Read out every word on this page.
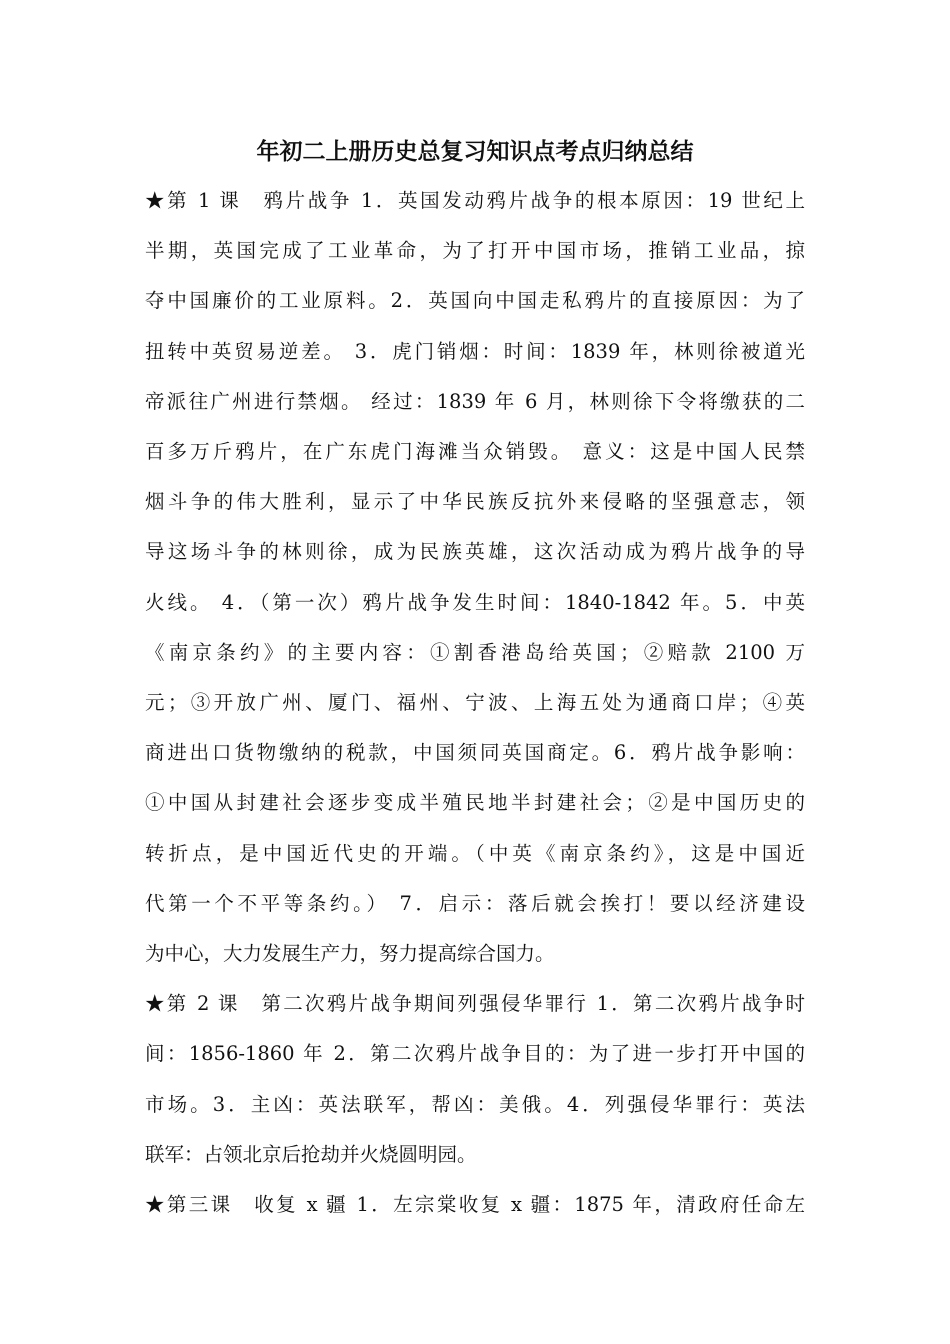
年初二上册历史总复习知识点考点归纳总结
★第 1 课　鸦片战争 1．英国发动鸦片战争的根本原因：19 世纪上
半期，英国完成了工业革命，为了打开中国市场，推销工业品，掠
夺中国廉价的工业原料。2．英国向中国走私鸦片的直接原因：为了
扭转中英贸易逆差。 3．虎门销烟：时间：1839 年，林则徐被道光
帝派往广州进行禁烟。 经过：1839 年 6 月，林则徐下令将缴获的二
百多万斤鸦片，在广东虎门海滩当众销毁。 意义：这是中国人民禁
烟斗争的伟大胜利，显示了中华民族反抗外来侵略的坚强意志，领
导这场斗争的林则徐，成为民族英雄，这次活动成为鸦片战争的导
火线。 4．（第一次）鸦片战争发生时间：1840-1842 年。5．中英
《南京条约》的主要内容：①割香港岛给英国；②赔款 2100 万
元；③开放广州、厦门、福州、宁波、上海五处为通商口岸；④英
商进出口货物缴纳的税款，中国须同英国商定。6．鸦片战争影响：
①中国从封建社会逐步变成半殖民地半封建社会；②是中国历史的
转折点，是中国近代史的开端。（中英《南京条约》，这是中国近
代第一个不平等条约。） 7．启示：落后就会挨打！要以经济建设
为中心，大力发展生产力，努力提高综合国力。
★第 2 课　第二次鸦片战争期间列强侵华罪行 1．第二次鸦片战争时
间：1856-1860 年 2．第二次鸦片战争目的：为了进一步打开中国的
市场。3．主凶：英法联军，帮凶：美俄。4．列强侵华罪行：英法
联军：占领北京后抢劫并火烧圆明园。
★第三课　收复 x 疆 1．左宗棠收复 x 疆：1875 年，清政府任命左
